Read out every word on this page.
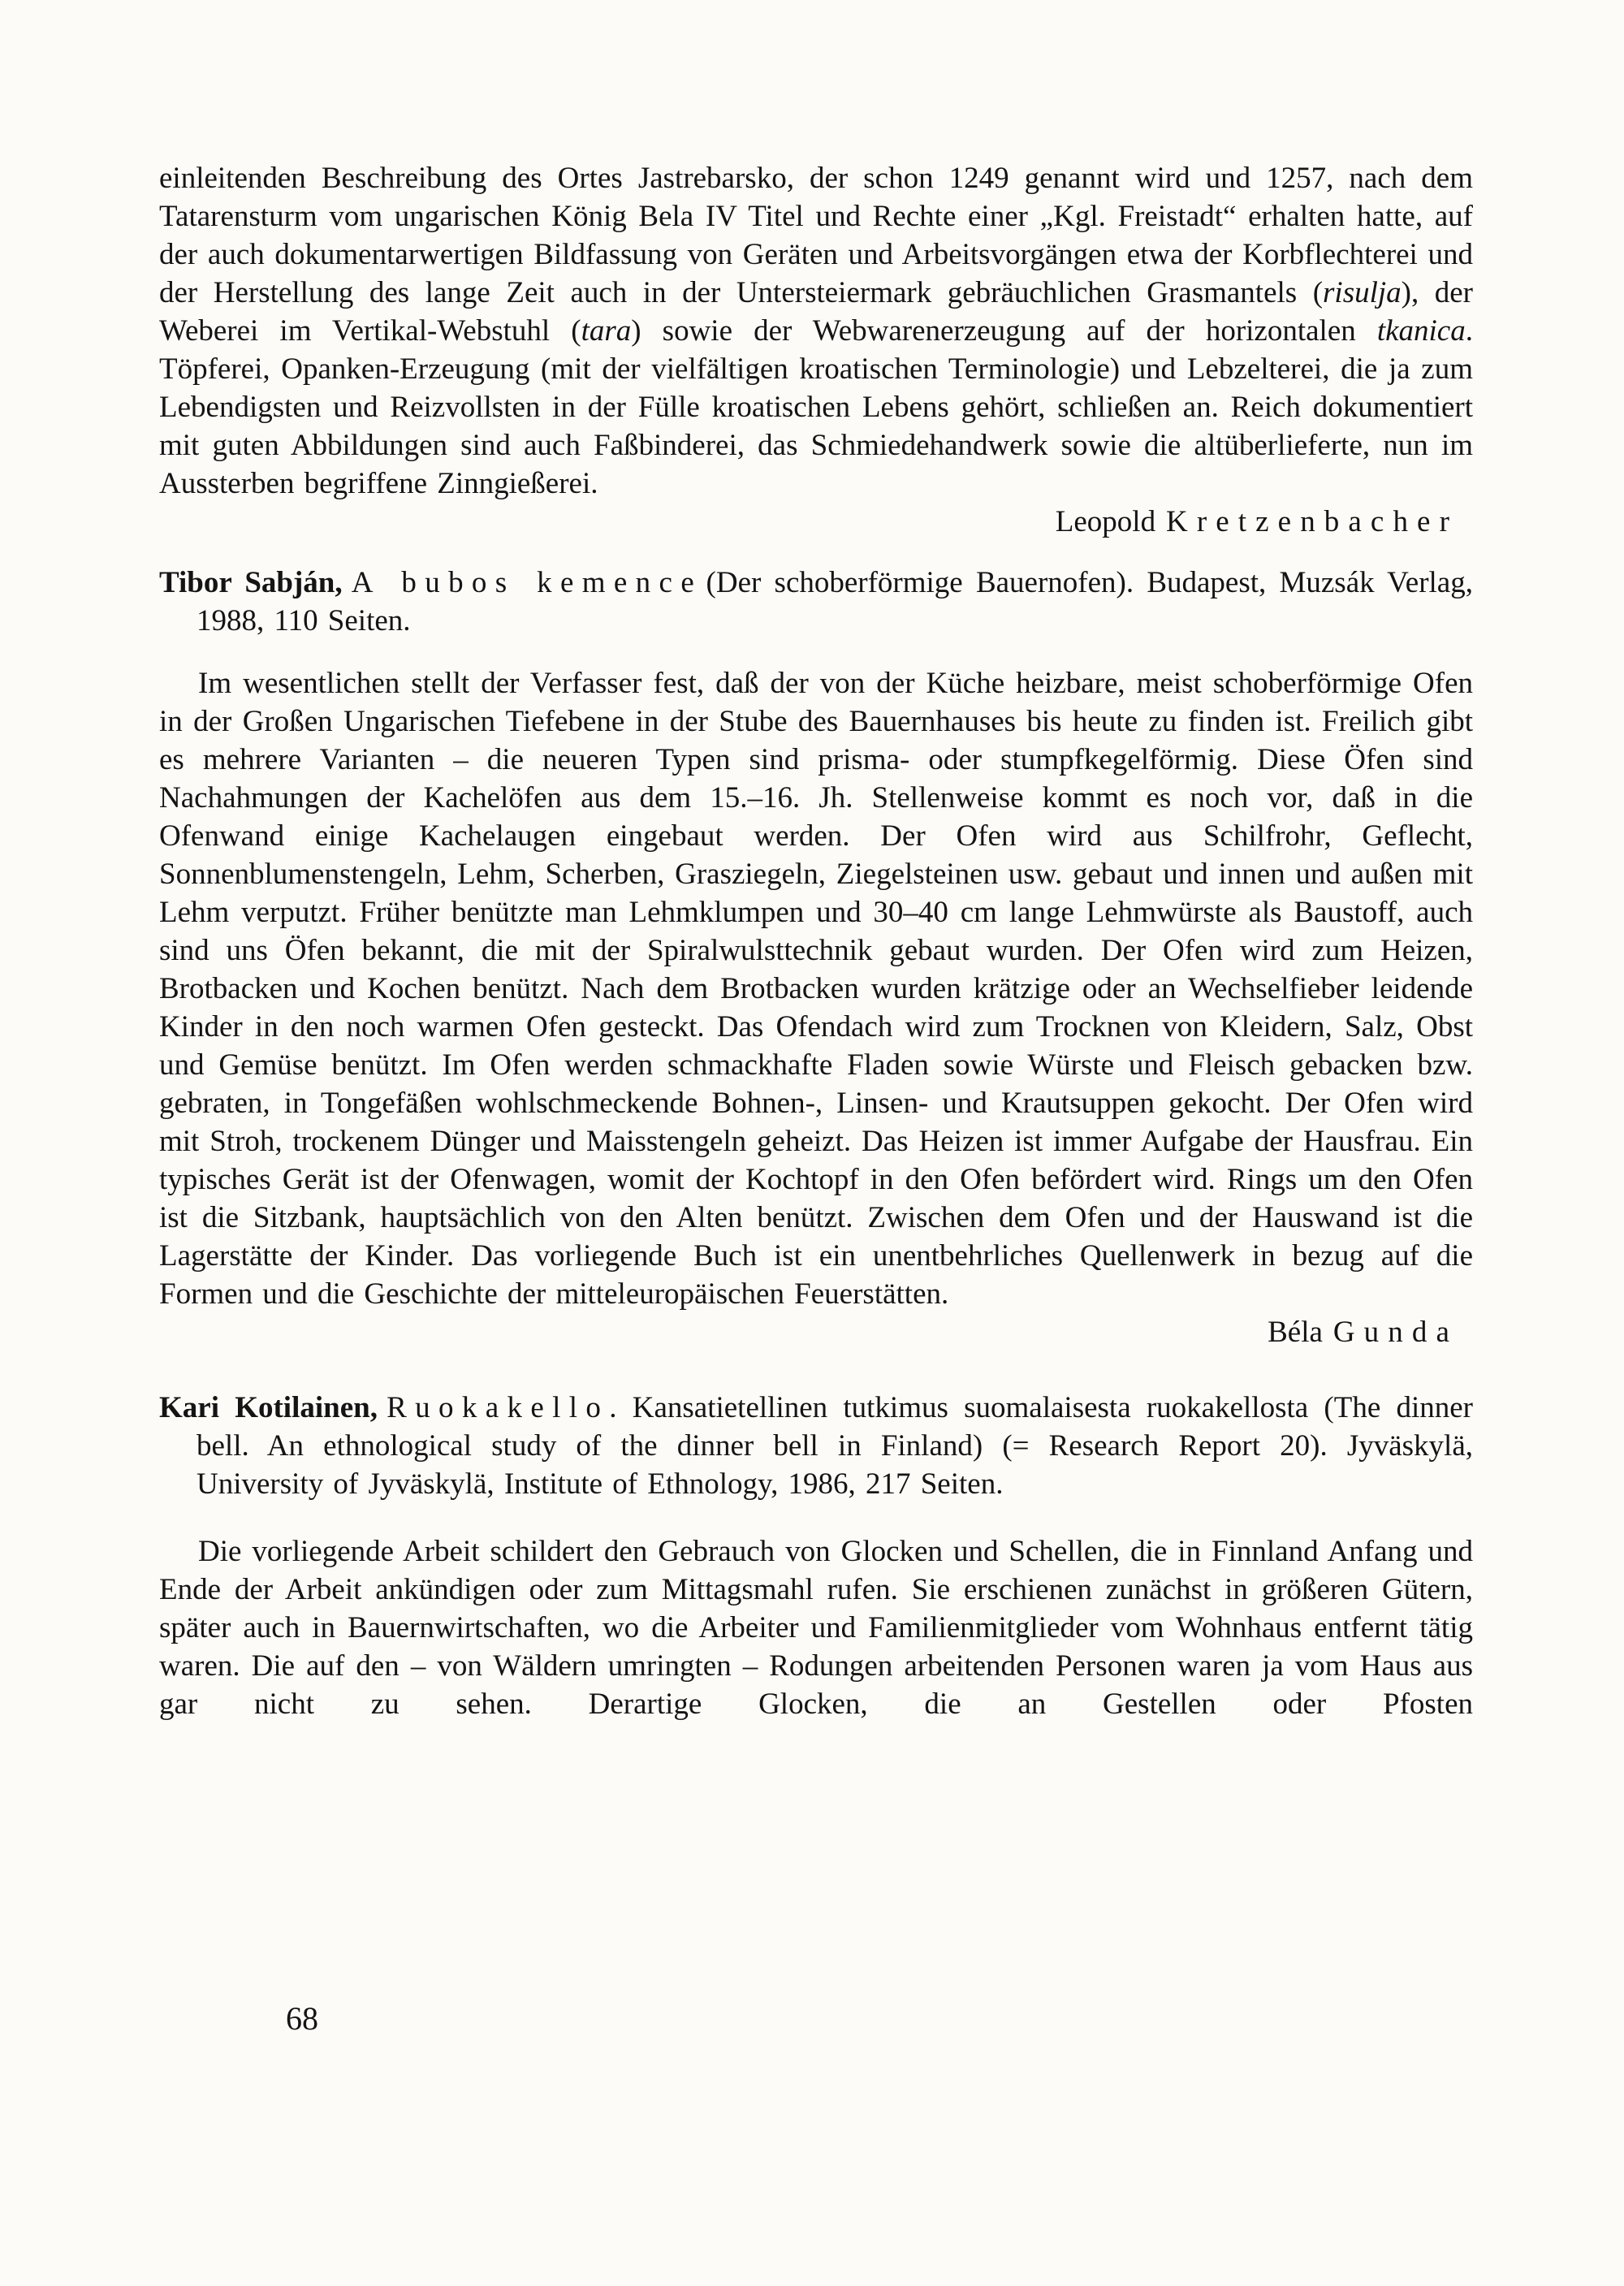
einleitenden Beschreibung des Ortes Jastrebarsko, der schon 1249 genannt wird und 1257, nach dem Tatarensturm vom ungarischen König Bela IV Titel und Rechte einer „Kgl. Freistadt“ erhalten hatte, auf der auch dokumentarwertigen Bildfassung von Geräten und Arbeitsvorgängen etwa der Korbflechterei und der Herstellung des lange Zeit auch in der Untersteiermark gebräuchlichen Grasmantels (risulja), der Weberei im Vertikal-Webstuhl (tara) sowie der Webwarenerzeugung auf der horizontalen tkanica. Töpferei, Opanken-Erzeugung (mit der vielfältigen kroatischen Terminologie) und Lebzelterei, die ja zum Lebendigsten und Reizvollsten in der Fülle kroatischen Lebens gehört, schließen an. Reich dokumentiert mit guten Abbildungen sind auch Faßbinderei, das Schmiedehandwerk sowie die altüberlieferte, nun im Aussterben begriffene Zinngießerei.

Leopold Kretzenbacher

Tibor Sabján, A bubos kemence (Der schoberförmige Bauernofen). Budapest, Muzsák Verlag, 1988, 110 Seiten.

Im wesentlichen stellt der Verfasser fest, daß der von der Küche heizbare, meist schoberförmige Ofen in der Großen Ungarischen Tiefebene in der Stube des Bauernhauses bis heute zu finden ist. Freilich gibt es mehrere Varianten – die neueren Typen sind prisma- oder stumpfkegelförmig. Diese Öfen sind Nachahmungen der Kachelöfen aus dem 15.–16. Jh. Stellenweise kommt es noch vor, daß in die Ofenwand einige Kachelaugen eingebaut werden. Der Ofen wird aus Schilfrohr, Geflecht, Sonnenblumenstengeln, Lehm, Scherben, Grasziegeln, Ziegelsteinen usw. gebaut und innen und außen mit Lehm verputzt. Früher benützte man Lehmklumpen und 30–40 cm lange Lehmwürste als Baustoff, auch sind uns Öfen bekannt, die mit der Spiralwulsttechnik gebaut wurden. Der Ofen wird zum Heizen, Brotbacken und Kochen benützt. Nach dem Brotbacken wurden krätzige oder an Wechselfieber leidende Kinder in den noch warmen Ofen gesteckt. Das Ofendach wird zum Trocknen von Kleidern, Salz, Obst und Gemüse benützt. Im Ofen werden schmackhafte Fladen sowie Würste und Fleisch gebacken bzw. gebraten, in Tongefäßen wohlschmeckende Bohnen-, Linsen- und Krautsuppen gekocht. Der Ofen wird mit Stroh, trockenem Dünger und Maisstengeln geheizt. Das Heizen ist immer Aufgabe der Hausfrau. Ein typisches Gerät ist der Ofenwagen, womit der Kochtopf in den Ofen befördert wird. Rings um den Ofen ist die Sitzbank, hauptsächlich von den Alten benützt. Zwischen dem Ofen und der Hauswand ist die Lagerstätte der Kinder. Das vorliegende Buch ist ein unentbehrliches Quellenwerk in bezug auf die Formen und die Geschichte der mitteleuropäischen Feuerstätten.

Béla Gunda

Kari Kotilainen, Ruokakello. Kansatietellinen tutkimus suomalaisesta ruokakellosta (The dinner bell. An ethnological study of the dinner bell in Finland) (= Research Report 20). Jyväskylä, University of Jyväskylä, Institute of Ethnology, 1986, 217 Seiten.

Die vorliegende Arbeit schildert den Gebrauch von Glocken und Schellen, die in Finnland Anfang und Ende der Arbeit ankündigen oder zum Mittagsmahl rufen. Sie erschienen zunächst in größeren Gütern, später auch in Bauernwirtschaften, wo die Arbeiter und Familienmitglieder vom Wohnhaus entfernt tätig waren. Die auf den – von Wäldern umringten – Rodungen arbeitenden Personen waren ja vom Haus aus gar nicht zu sehen. Derartige Glocken, die an Gestellen oder Pfosten

68
